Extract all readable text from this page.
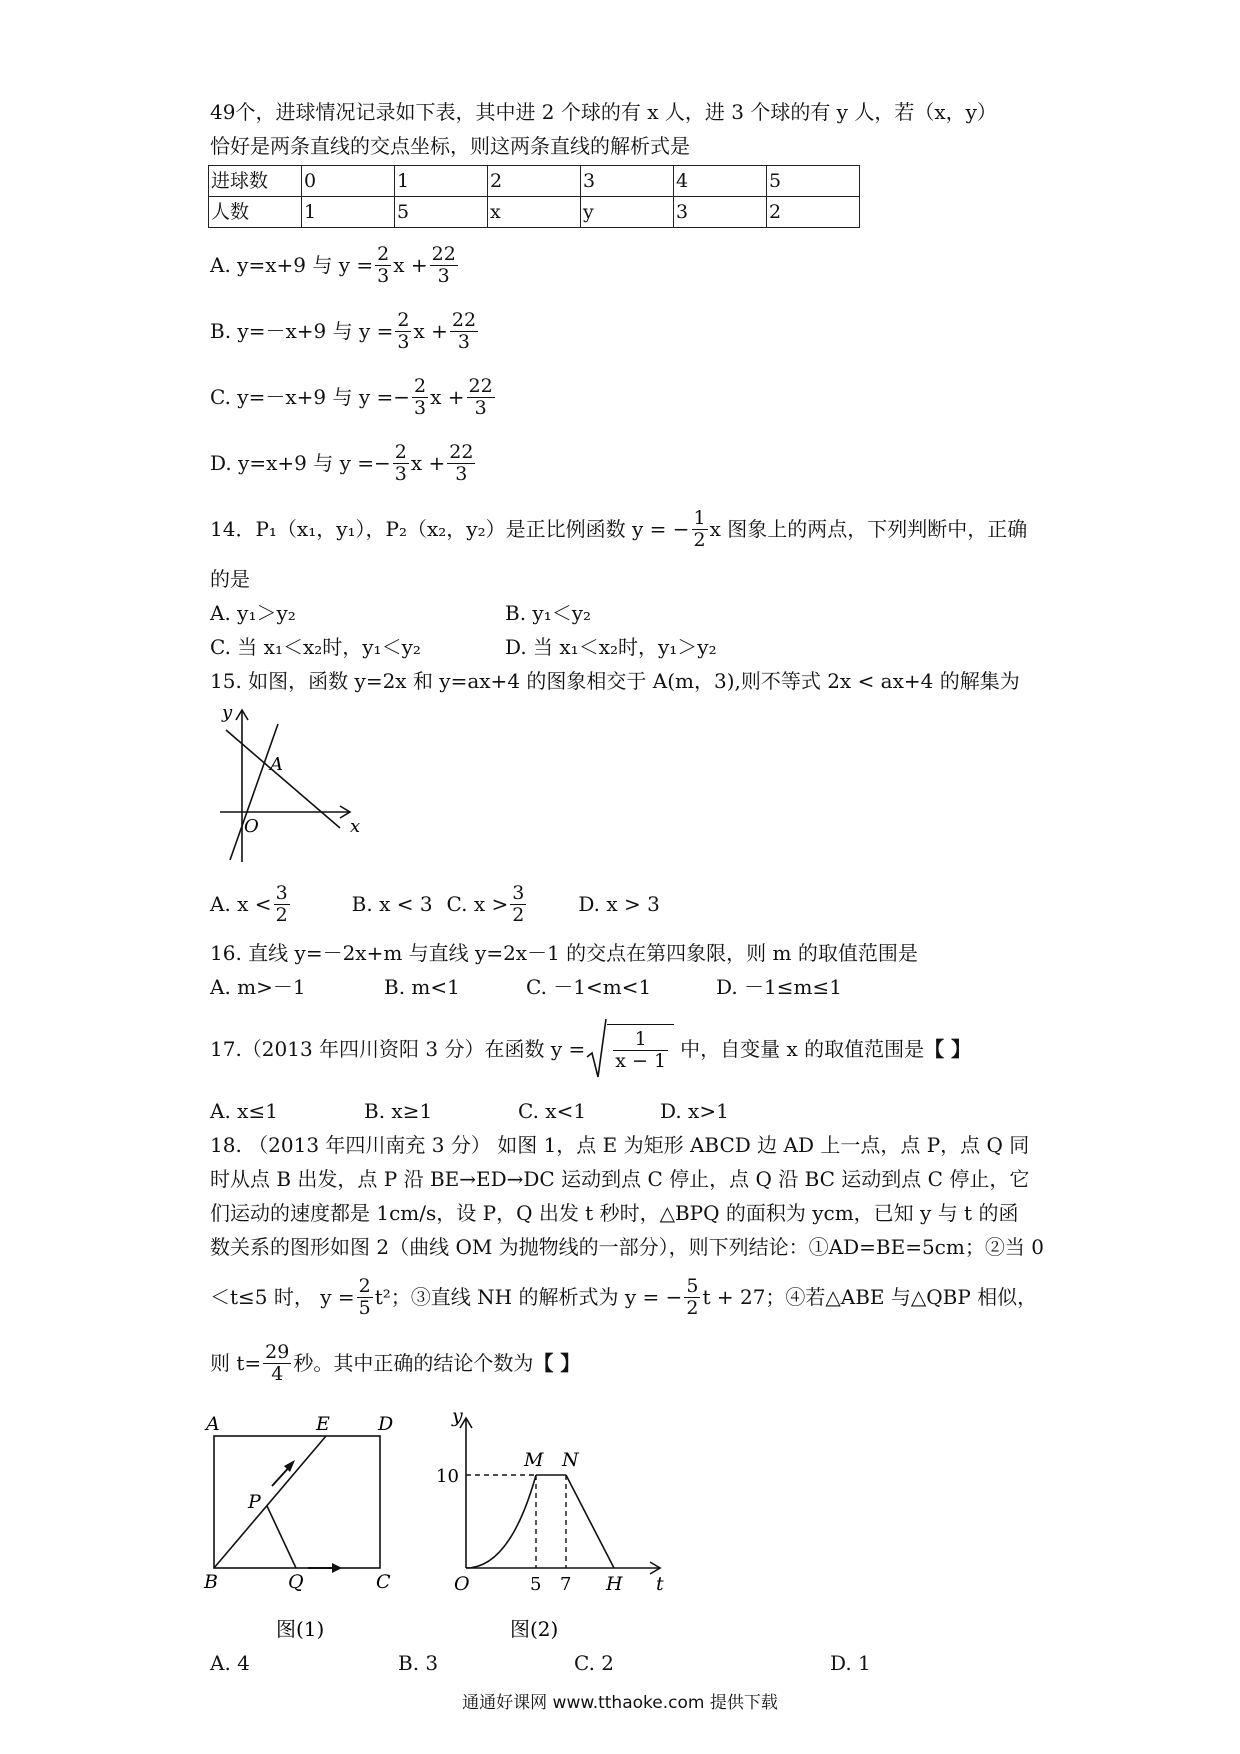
49个，进球情况记录如下表，其中进 2 个球的有 x 人，进 3 个球的有 y 人，若（x，y）
恰好是两条直线的交点坐标，则这两条直线的解析式是
进球数	0	1	2	3	4	5
人数	1	5	x	y	3	2
A. y=x+9 与 $y = \frac{2}{3}$ $x + \frac{22}{3}$
B. y=－x+9 与 $y = \frac{2}{3}$ $x + \frac{22}{3}$
C. y=－x+9 与 y = − $\frac{2}{3}$ $x + \frac{22}{3}$
D. y=x+9 与 y = − $\frac{2}{3}$ $x + \frac{22}{3}$
14．P₁（x₁，y₁），P₂（x₂，y₂）是正比例函数 y = − $\frac{1}{2}$ x 图象上的两点，下列判断中，正确
的是
A. y₁＞y₂	B. y₁＜y₂
C. 当 x₁＜x₂时，y₁＜y₂	D. 当 x₁＜x₂时，y₁＞y₂
15. 如图，函数 y=2x 和 y=ax+4 的图象相交于 A(m，3),则不等式 2x < ax+4 的解集为
y
x
O
A
A. $x < \frac{3}{2}$	B. x < 3 C. $x > \frac{3}{2}$	D. x > 3
16. 直线 y=－2x+m 与直线 y=2x－1 的交点在第四象限，则 m 的取值范围是
A. m>－1	B. m<1	C. －1<m<1	D. －1≤m≤1
17.（2013 年四川资阳 3 分）在函数 $y = \frac{1}{x - 1}$ 中，自变量 x 的取值范围是 【 】
A. x≤1	B. x≥1	C. x<1	D. x>1
18. （2013 年四川南充 3 分） 如图 1，点 E 为矩形 ABCD 边 AD 上一点，点 P，点 Q 同
时从点 B 出发，点 P 沿 BE→ED→DC 运动到点 C 停止，点 Q 沿 BC 运动到点 C 停止，它
们运动的速度都是 1cm/s，设 P，Q 出发 t 秒时，△BPQ 的面积为 ycm，已知 y 与 t 的函
数关系的图形如图 2（曲线 OM 为抛物线的一部分），则下列结论：①AD=BE=5cm；②当 0
＜t≤5 时， $y = \frac{2}{5} t^2$；③直线 NH 的解析式为 y = − $\frac{5}{2}$ t + 27；④若△ABE 与△QBP 相似，
则 $t= \frac{29}{4}$ 秒。其中正确的结论个数为 【 】
A	E	D
P
B	Q	C
图(1)
y
M N
10
O	5 7 H t
图(2)
A. 4	B. 3	C. 2	D. 1
通通好课网 www.tthaoke.com 提供下载
